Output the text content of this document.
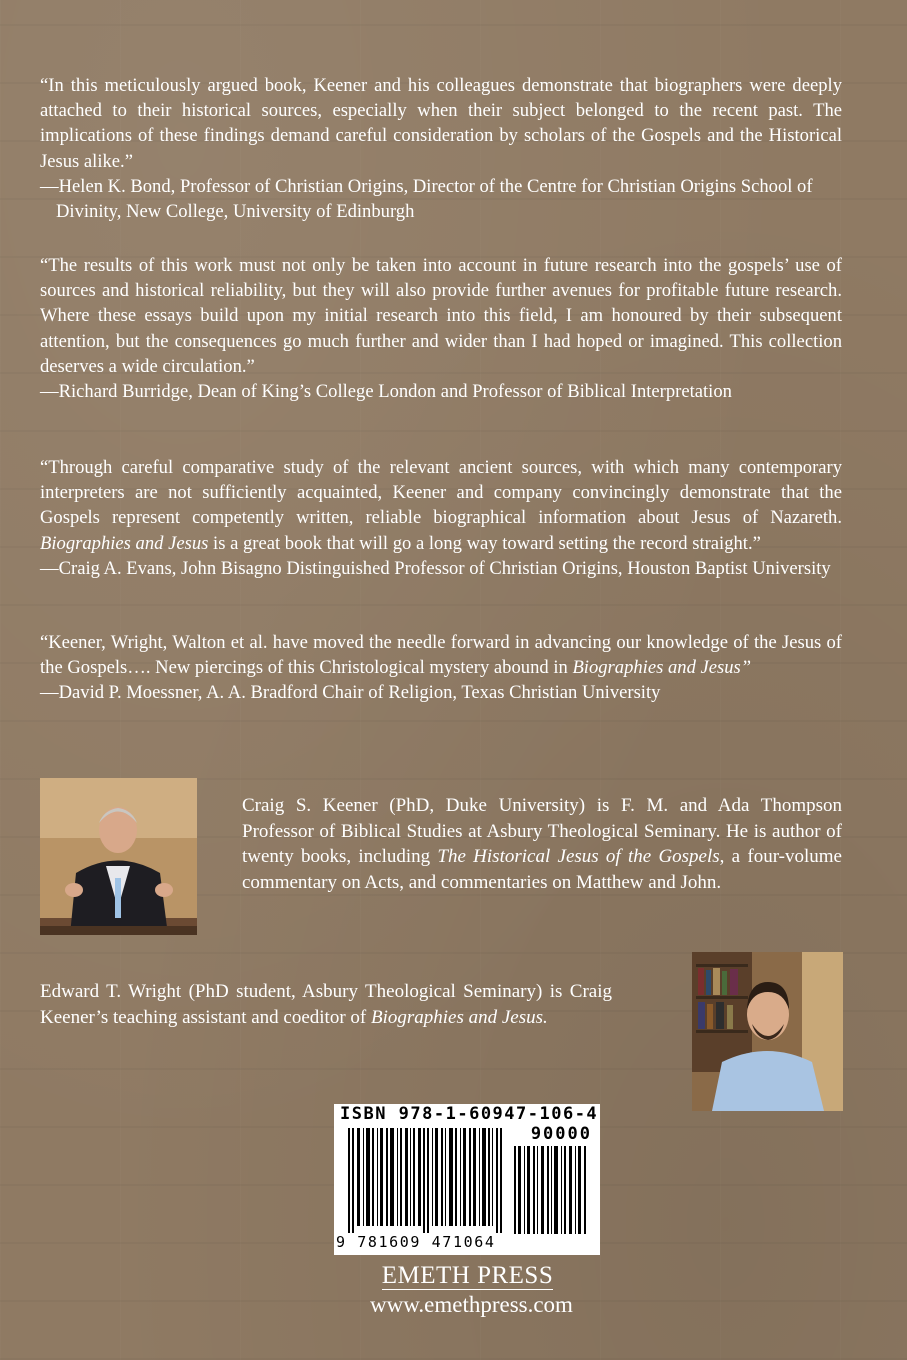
“In this meticulously argued book, Keener and his colleagues demonstrate that biographers were deeply attached to their historical sources, especially when their subject belonged to the recent past. The implications of these findings demand careful consideration by scholars of the Gospels and the Historical Jesus alike.”

—Helen K. Bond, Professor of Christian Origins, Director of the Centre for Christian Origins School of Divinity, New College, University of Edinburgh

“The results of this work must not only be taken into account in future research into the gospels’ use of sources and historical reliability, but they will also provide further avenues for profitable future research. Where these essays build upon my initial research into this field, I am honoured by their subsequent attention, but the consequences go much further and wider than I had hoped or imagined. This collection deserves a wide circulation.”

—Richard Burridge, Dean of King’s College London and Professor of Biblical Interpretation

“Through careful comparative study of the relevant ancient sources, with which many contemporary interpreters are not sufficiently acquainted, Keener and company convincingly demonstrate that the Gospels represent competently written, reliable biographical information about Jesus of Nazareth. Biographies and Jesus is a great book that will go a long way toward setting the record straight.”

—Craig A. Evans, John Bisagno Distinguished Professor of Christian Origins, Houston Baptist University

“Keener, Wright, Walton et al. have moved the needle forward in advancing our knowledge of the Jesus of the Gospels…. New piercings of this Christological mystery abound in Biographies and Jesus”

—David P. Moessner, A. A. Bradford Chair of Religion, Texas Christian University

Craig S. Keener (PhD, Duke University) is F. M. and Ada Thompson Professor of Biblical Studies at Asbury Theological Seminary. He is author of twenty books, including The Historical Jesus of the Gospels, a four-volume commentary on Acts, and commentaries on Matthew and John.
Edward T. Wright (PhD student, Asbury Theological Seminary) is Craig Keener’s teaching assistant and coeditor of Biographies and Jesus.
ISBN 978-1-60947-106-4
90000
9 781609 471064
EMETH PRESS
www.emethpress.com
